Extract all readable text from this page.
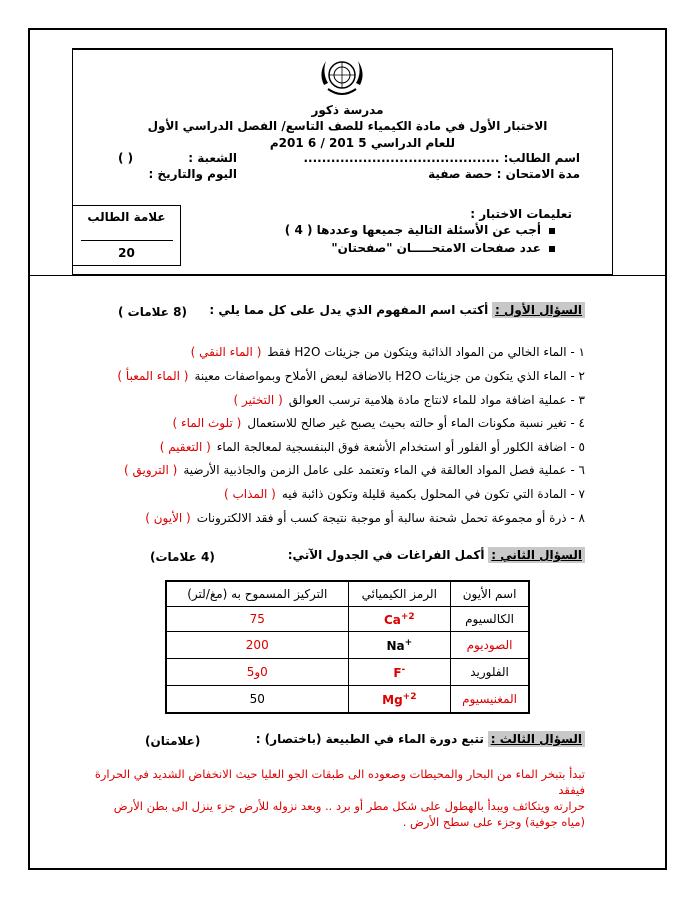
مدرسة ذكور
الاختبار الأول في مادة الكيمياء للصف التاسع/ الفصل الدراسي الأول
للعام الدراسي 5 201 / 6 201م
اسم الطالب: ...........................................
الشعبة :
( )
مدة الامتحان : حصة صفية
اليوم والتاريخ :
تعليمات الاختبار :
أجب عن الأسئلة التالية جميعها وعددها ( 4 )
عدد صفحات الامتحـــــان "صفحتان"
علامة الطالب
20
السؤال الأول : أكتب اسم المفهوم الذي يدل على كل مما يلي :
(8 علامات )
١ - الماء الخالي من المواد الذائبة ويتكون من جزيئات H2O فقط( الماء النقي )
٢ - الماء الذي يتكون من جزيئات H2O بالاضافة لبعض الأملاح وبمواصفات معينة( الماء المعبأ )
٣ - عملية اضافة مواد للماء لانتاج مادة هلامية ترسب العوالق( التخثير )
٤ - تغير نسبة مكونات الماء أو حالته بحيث يصبح غير صالح للاستعمال( تلوث الماء )
٥ - اضافة الكلور أو الفلور أو استخدام الأشعة فوق البنفسجية لمعالجة الماء( التعقيم )
٦ - عملية فصل المواد العالقة في الماء وتعتمد على عامل الزمن والجاذبية الأرضية( الترويق )
٧ - المادة التي تكون في المحلول بكمية قليلة وتكون ذائبة فيه( المذاب )
٨ - ذرة أو مجموعة تحمل شحنة سالبة أو موجبة نتيجة كسب أو فقد الالكترونات( الأيون )
السؤال الثاني : أكمل الفراغات في الجدول الآتي:
(4 علامات)
اسم الأيون	الرمز الكيميائي	التركيز المسموح به (مغ/لتر)
الكالسيوم	$Ca^{+2}$	75
الصوديوم	Na+	200
الفلوريد	F-	0و5
المغنيسيوم	$Mg^{+2}$	50
السؤال الثالث : تتبع دورة الماء في الطبيعة (باختصار) :
(علامتان)
تبدأ بتبخر الماء من البحار والمحيطات وصعوده الى طبقات الجو العليا حيث الانخفاض الشديد في الحرارة فيفقد
حرارته ويتكاثف ويبدأ بالهطول على شكل مطر أو برد .. وبعد نزوله للأرض جزء ينزل الى بطن الأرض
(مياه جوفية) وجزء على سطح الأرض .
